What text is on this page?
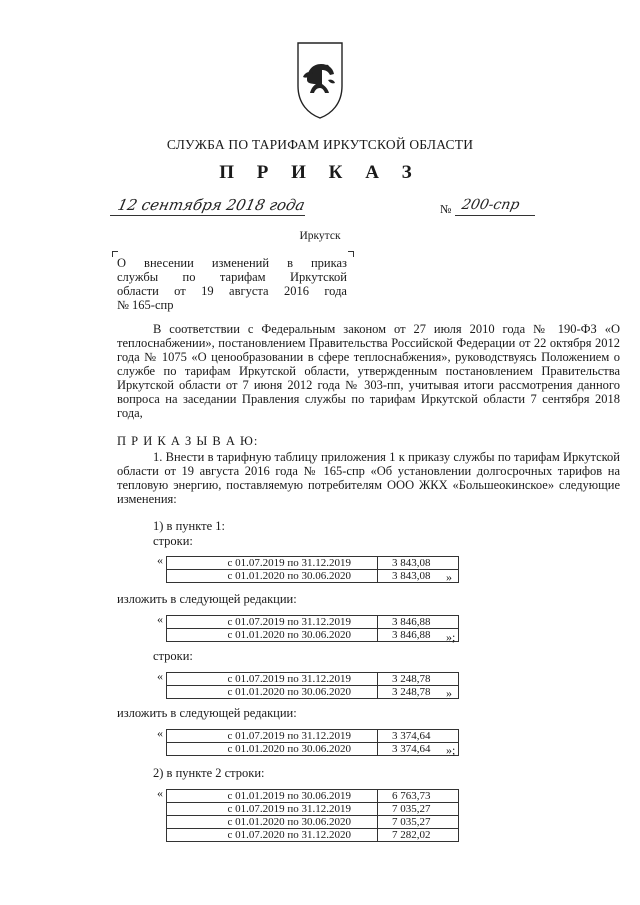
СЛУЖБА ПО ТАРИФАМ ИРКУТСКОЙ ОБЛАСТИ
П Р И К А З
12 сентября 2018 года	№ 200-спр
Иркутск
О внесении изменений в приказ
службы по тарифам Иркутской
области от 19 августа 2016 года
№ 165-спр
В соответствии с Федеральным законом от 27 июля 2010 года № 190-ФЗ «О теплоснабжении», постановлением Правительства Российской Федерации от 22 октября 2012 года № 1075 «О ценообразовании в сфере теплоснабжения», руководствуясь Положением о службе по тарифам Иркутской области, утвержденным постановлением Правительства Иркутской области от 7 июня 2012 года № 303-пп, учитывая итоги рассмотрения данного вопроса на заседании Правления службы по тарифам Иркутской области 7 сентября 2018 года,
П Р И К А З Ы В А Ю:
1. Внести в тарифную таблицу приложения 1 к приказу службы по тарифам Иркутской области от 19 августа 2016 года № 165-спр «Об установлении долгосрочных тарифов на тепловую энергию, поставляемую потребителям ООО ЖКХ «Большеокинское» следующие изменения:
1) в пункте 1:
строки:
«	с 01.07.2019 по 31.12.2019	3 843,08
с 01.01.2020 по 30.06.2020	3 843,08 »
изложить в следующей редакции:
«	с 01.07.2019 по 31.12.2019	3 846,88
с 01.01.2020 по 30.06.2020	3 846,88 »;
строки:
«	с 01.07.2019 по 31.12.2019	3 248,78
с 01.01.2020 по 30.06.2020	3 248,78 »
изложить в следующей редакции:
«	с 01.07.2019 по 31.12.2019	3 374,64
с 01.01.2020 по 30.06.2020	3 374,64 »;
2) в пункте 2 строки:
«	с 01.01.2019 по 30.06.2019	6 763,73
с 01.07.2019 по 31.12.2019	7 035,27
с 01.01.2020 по 30.06.2020	7 035,27
с 01.07.2020 по 31.12.2020	7 282,02
